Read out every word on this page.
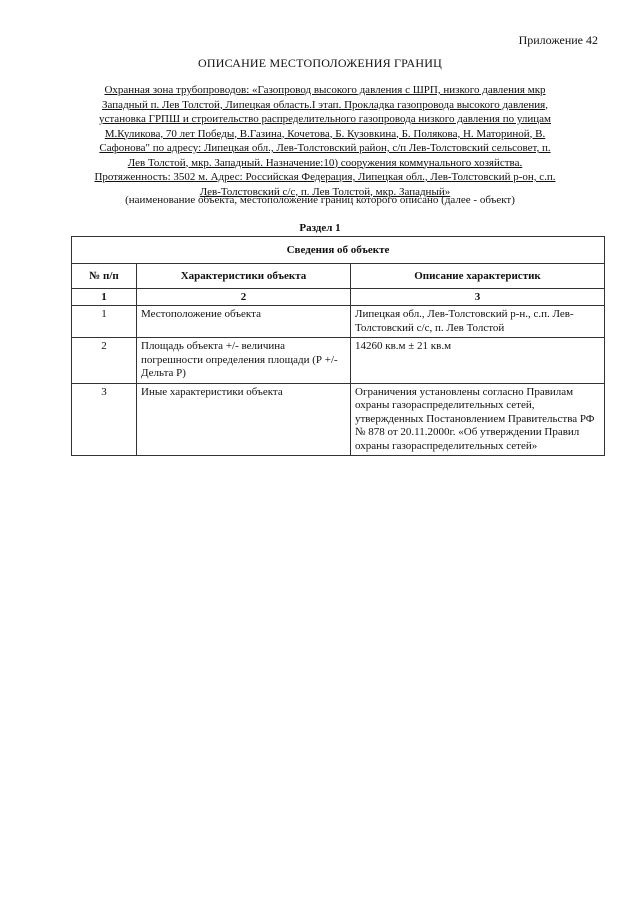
Приложение 42
ОПИСАНИЕ МЕСТОПОЛОЖЕНИЯ ГРАНИЦ
Охранная зона трубопроводов: «Газопровод высокого давления с ШРП, низкого давления мкр Западный п. Лев Толстой, Липецкая область.I этап. Прокладка газопровода высокого давления, установка ГРПШ и строительство распределительного газопровода низкого давления по улицам М.Куликова, 70 лет Победы, В.Газина, Кочетова, Б. Кузовкина, Б. Полякова, Н. Маториной, В. Сафонова" по адресу: Липецкая обл., Лев-Толстовский район, с/п Лев-Толстовский сельсовет, п. Лев Толстой, мкр. Западный. Назначение:10) сооружения коммунального хозяйства. Протяженность: 3502 м. Адрес: Российская Федерация, Липецкая обл., Лев-Толстовский р-он, с.п. Лев-Толстовский с/с, п. Лев Толстой, мкр. Западный»
(наименование объекта, местоположение границ которого описано (далее - объект)
Раздел 1
Сведения об объекте		
№ п/п	Характеристики объекта	Описание характеристик
1	2	3
1	Местоположение объекта	Липецкая обл., Лев-Толстовский р-н., с.п. Лев-Толстовский с/с, п. Лев Толстой
2	Площадь объекта +/- величина погрешности определения площади (Р +/- Дельта Р)	14260 кв.м ± 21 кв.м
3	Иные характеристики объекта	Ограничения установлены согласно Правилам охраны газораспределительных сетей, утвержденных Постановлением Правительства РФ № 878 от 20.11.2000г. «Об утверждении Правил охраны газораспределительных сетей»
